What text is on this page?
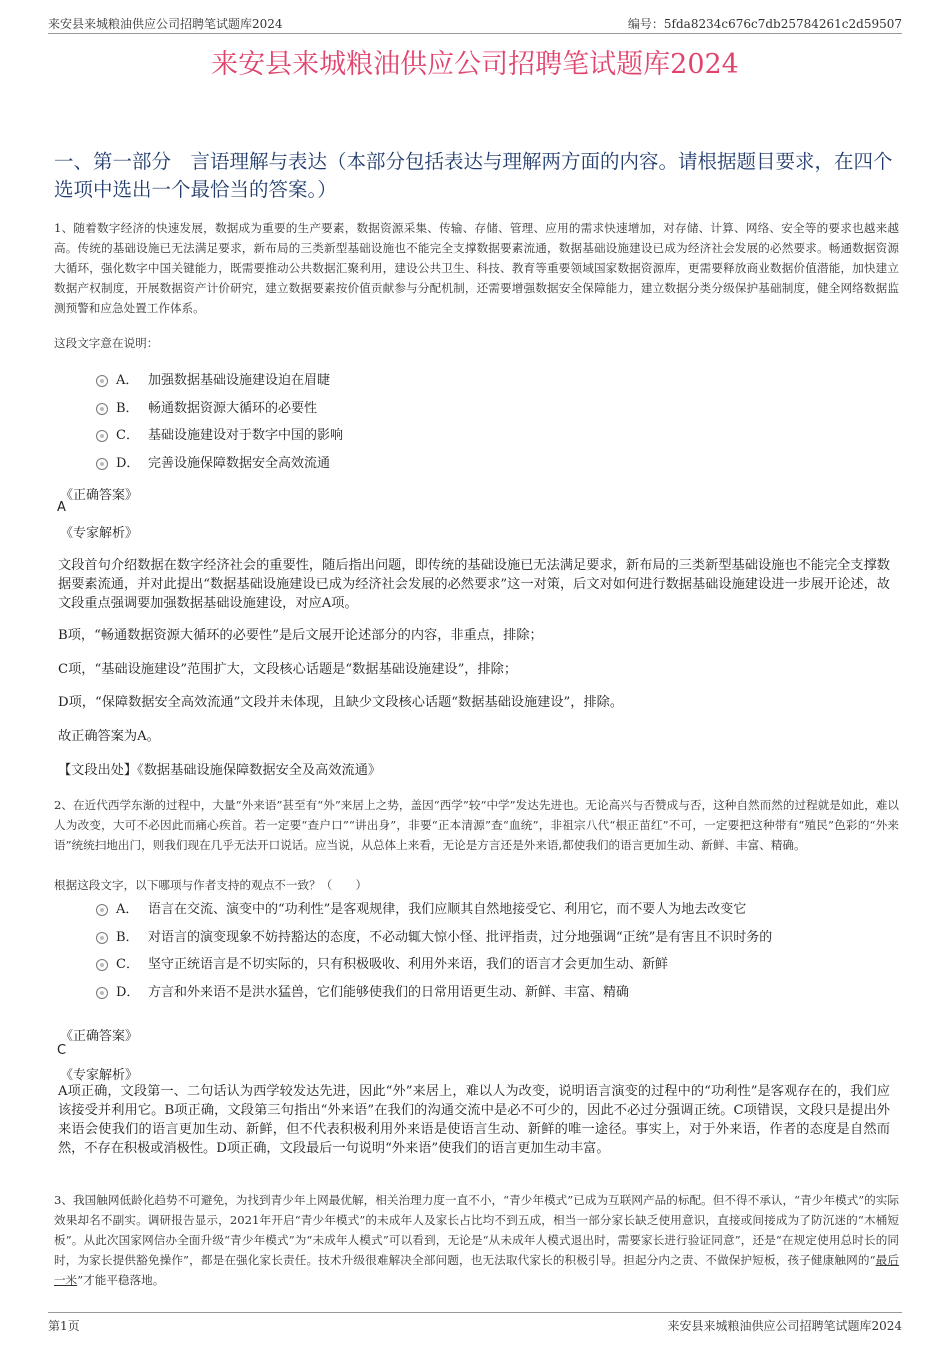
来安县来城粮油供应公司招聘笔试题库2024	编号：5fda8234c676c7db25784261c2d59507
来安县来城粮油供应公司招聘笔试题库2024
一、第一部分　言语理解与表达（本部分包括表达与理解两方面的内容。请根据题目要求，在四个选项中选出一个最恰当的答案。）
1、随着数字经济的快速发展，数据成为重要的生产要素，数据资源采集、传输、存储、管理、应用的需求快速增加，对存储、计算、网络、安全等的要求也越来越高。传统的基础设施已无法满足要求，新布局的三类新型基础设施也不能完全支撑数据要素流通，数据基础设施建设已成为经济社会发展的必然要求。畅通数据资源大循环，强化数字中国关键能力，既需要推动公共数据汇聚利用，建设公共卫生、科技、教育等重要领域国家数据资源库，更需要释放商业数据价值潜能，加快建立数据产权制度，开展数据资产计价研究，建立数据要素按价值贡献参与分配机制，还需要增强数据安全保障能力，建立数据分类分级保护基础制度，健全网络数据监测预警和应急处置工作体系。
这段文字意在说明：
A． 加强数据基础设施建设迫在眉睫
B． 畅通数据资源大循环的必要性
C． 基础设施建设对于数字中国的影响
D． 完善设施保障数据安全高效流通
《正确答案》
A
《专家解析》
文段首句介绍数据在数字经济社会的重要性，随后指出问题，即传统的基础设施已无法满足要求，新布局的三类新型基础设施也不能完全支撑数据要素流通，并对此提出“数据基础设施建设已成为经济社会发展的必然要求”这一对策，后文对如何进行数据基础设施建设进一步展开论述，故文段重点强调要加强数据基础设施建设，对应A项。
B项，“畅通数据资源大循环的必要性”是后文展开论述部分的内容，非重点，排除；
C项，“基础设施建设”范围扩大，文段核心话题是“数据基础设施建设”，排除；
D项，“保障数据安全高效流通”文段并未体现，且缺少文段核心话题“数据基础设施建设”，排除。
故正确答案为A。
【文段出处】《数据基础设施保障数据安全及高效流通》
2、在近代西学东渐的过程中，大量“外来语”甚至有“外”来居上之势，盖因“西学”较“中学”发达先进也。无论高兴与否赞成与否，这种自然而然的过程就是如此，难以人为改变，大可不必因此而痛心疾首。若一定要“查户口”“讲出身”，非要“正本清源”查“血统”，非祖宗八代“根正苗红”不可，一定要把这种带有“殖民”色彩的“外来语”统统扫地出门，则我们现在几乎无法开口说话。应当说，从总体上来看，无论是方言还是外来语,都使我们的语言更加生动、新鲜、丰富、精确。
根据这段文字，以下哪项与作者支持的观点不一致？（　　）
A． 语言在交流、演变中的“功利性”是客观规律，我们应顺其自然地接受它、利用它，而不要人为地去改变它
B． 对语言的演变现象不妨持豁达的态度，不必动辄大惊小怪、批评指责，过分地强调“正统”是有害且不识时务的
C． 坚守正统语言是不切实际的，只有积极吸收、利用外来语，我们的语言才会更加生动、新鲜
D． 方言和外来语不是洪水猛兽，它们能够使我们的日常用语更生动、新鲜、丰富、精确
《正确答案》
C
《专家解析》
A项正确，文段第一、二句话认为西学较发达先进，因此“外”来居上，难以人为改变，说明语言演变的过程中的“功利性”是客观存在的，我们应该接受并利用它。B项正确，文段第三句指出“外来语”在我们的沟通交流中是必不可少的，因此不必过分强调正统。C项错误，文段只是提出外来语会使我们的语言更加生动、新鲜，但不代表积极利用外来语是使语言生动、新鲜的唯一途径。事实上，对于外来语，作者的态度是自然而然，不存在积极或消极性。D项正确，文段最后一句说明“外来语”使我们的语言更加生动丰富。
3、我国触网低龄化趋势不可避免，为找到青少年上网最优解，相关治理力度一直不小，“青少年模式”已成为互联网产品的标配。但不得不承认，“青少年模式”的实际效果却名不副实。调研报告显示，2021年开启“青少年模式”的未成年人及家长占比均不到五成，相当一部分家长缺乏使用意识，直接或间接成为了防沉迷的“木桶短板”。从此次国家网信办全面升级“青少年模式”为“未成年人模式”可以看到，无论是“从未成年人模式退出时，需要家长进行验证同意”，还是“在规定使用总时长的同时，为家长提供豁免操作”，都是在强化家长责任。技术升级很难解决全部问题，也无法取代家长的积极引导。担起分内之责、不做保护短板，孩子健康触网的“最后一米”才能平稳落地。
第1页	来安县来城粮油供应公司招聘笔试题库2024
